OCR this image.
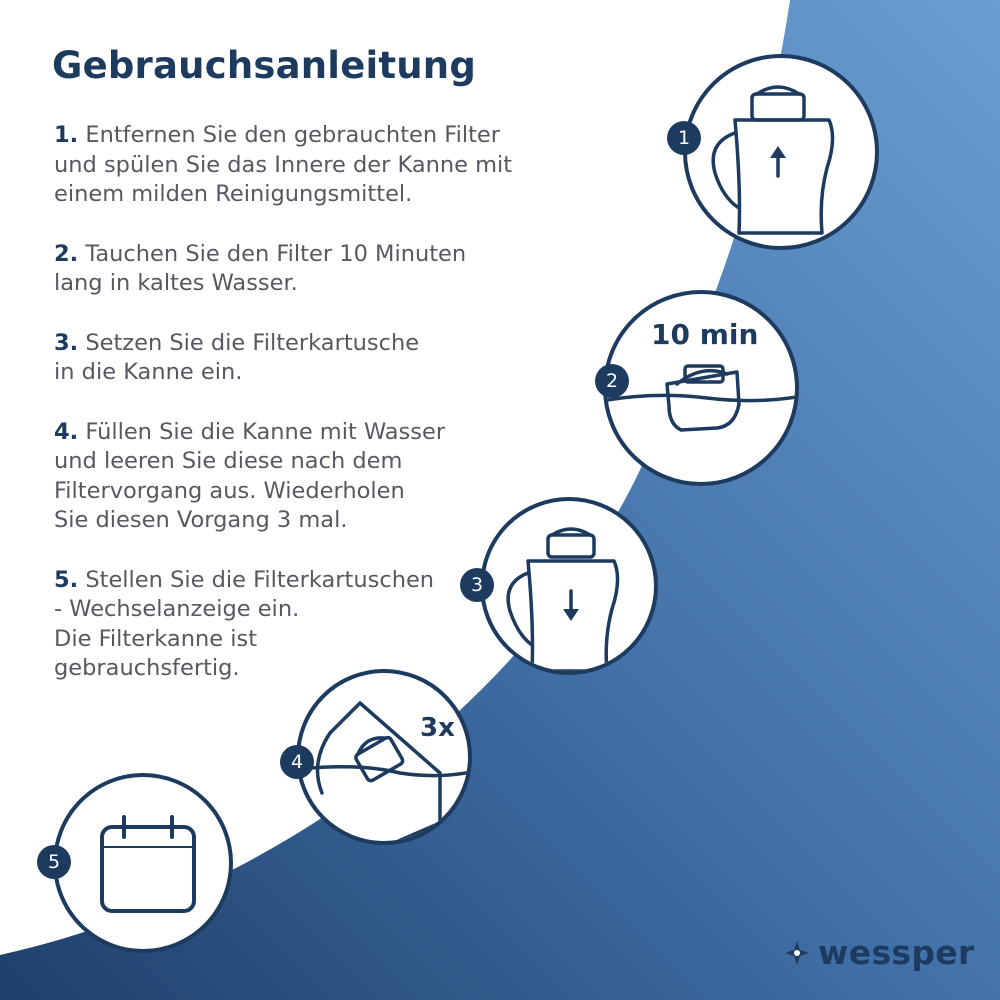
Gebrauchsanleitung

1. Entfernen Sie den gebrauchten Filter
und spülen Sie das Innere der Kanne mit
einem milden Reinigungsmittel.

2. Tauchen Sie den Filter 10 Minuten
lang in kaltes Wasser.

3. Setzen Sie die Filterkartusche
in die Kanne ein.

4. Füllen Sie die Kanne mit Wasser
und leeren Sie diese nach dem
Filtervorgang aus. Wiederholen
Sie diesen Vorgang 3 mal.

5. Stellen Sie die Filterkartuschen
- Wechselanzeige ein.
Die Filterkanne ist
gebrauchsfertig.

1
10 min
2
3
3x
4
5
wessper
